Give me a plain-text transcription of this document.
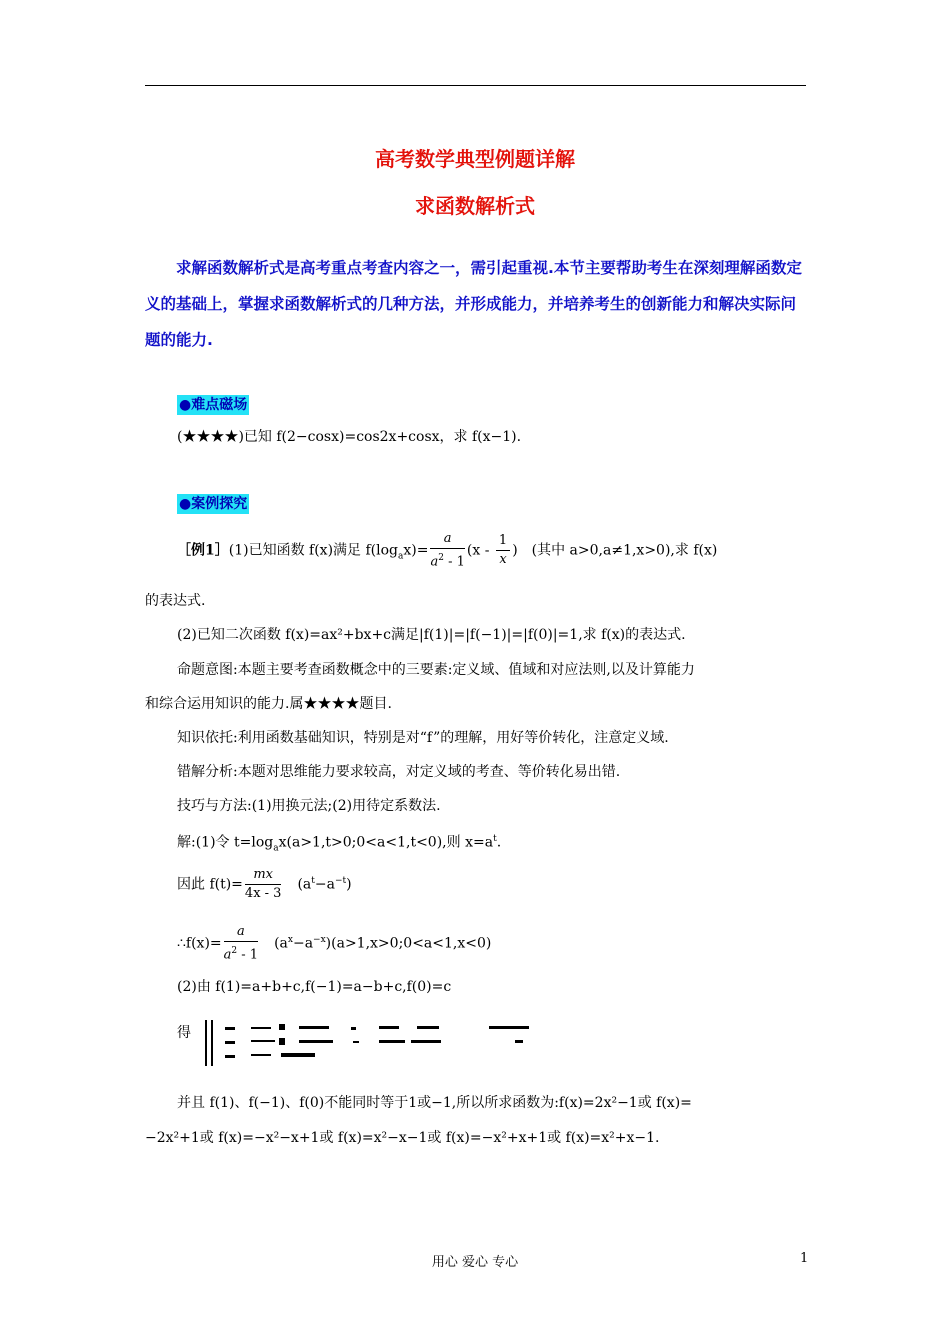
高考数学典型例题详解
求函数解析式
求解函数解析式是高考重点考查内容之一，需引起重视.本节主要帮助考生在深刻理解函数定义的基础上，掌握求函数解析式的几种方法，并形成能力，并培养考生的创新能力和解决实际问题的能力.
●难点磁场
(★★★★)已知 f(2−cosx)=cos2x+cosx，求 f(x−1).
●案例探究
［例1］(1)已知函数 f(x)满足 $f(\log_ax)= \frac{a}{a^2 - 1} (x - \frac{1}{x}$ )　(其中 a>0,a≠1,x>0),求 f(x)
的表达式.
(2)已知二次函数 f(x)=ax²+bx+c满足|f(1)|=|f(−1)|=|f(0)|=1,求 f(x)的表达式.
命题意图:本题主要考查函数概念中的三要素:定义域、值域和对应法则,以及计算能力
和综合运用知识的能力.属★★★★题目.
知识依托:利用函数基础知识，特别是对“f”的理解，用好等价转化，注意定义域.
错解分析:本题对思维能力要求较高，对定义域的考查、等价转化易出错.
技巧与方法:(1)用换元法;(2)用待定系数法.
解:(1)令 $t=\log_ax(a>1,t>0;0<a<1,t<0)$,则 $x=a^t$.
因此 $f(t)= \frac{mx}{4x - 3}$
　 $(a^t-a^{-t})$
∴f(x)= $\frac{a}{a^2 - 1}$
　 $(a^x-a^{-x})(a>1,x>0;0<a<1,x<0)$
(2)由 f(1)=a+b+c,f(−1)=a−b+c,f(0)=c
得
并且 f(1)、f(−1)、f(0)不能同时等于1或−1,所以所求函数为:f(x)=2x²−1或 f(x)=
−2x²+1或 f(x)=−x²−x+1或 f(x)=x²−x−1或 f(x)=−x²+x+1或 f(x)=x²+x−1.
用心 爱心 专心	1
